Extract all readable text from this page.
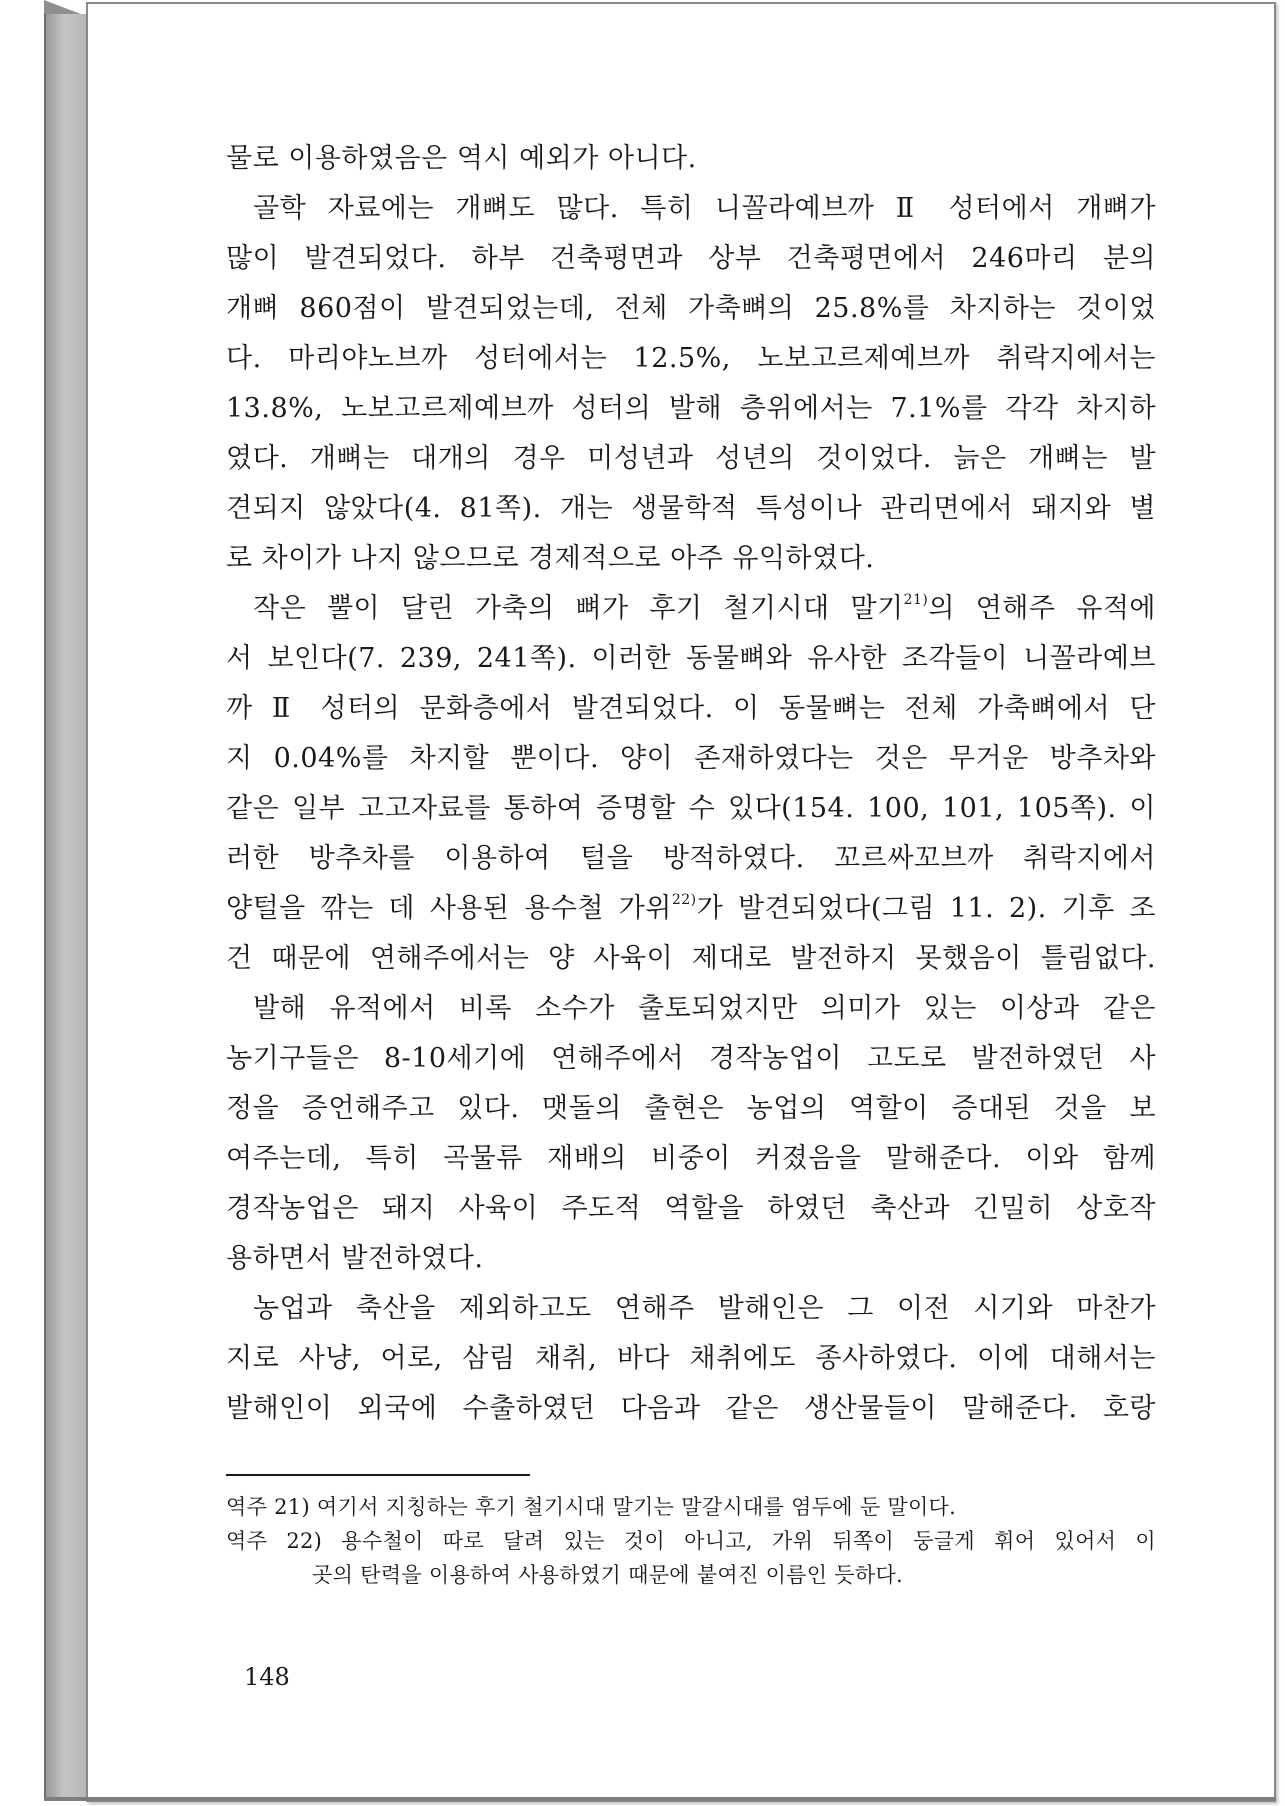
물로 이용하였음은 역시 예외가 아니다.
골학 자료에는 개뼈도 많다. 특히 니꼴라예브까 Ⅱ 성터에서 개뼈가
많이 발견되었다. 하부 건축평면과 상부 건축평면에서 246마리 분의
개뼈 860점이 발견되었는데, 전체 가축뼈의 25.8%를 차지하는 것이었
다. 마리야노브까 성터에서는 12.5%, 노보고르제예브까 취락지에서는
13.8%, 노보고르제예브까 성터의 발해 층위에서는 7.1%를 각각 차지하
였다. 개뼈는 대개의 경우 미성년과 성년의 것이었다. 늙은 개뼈는 발
견되지 않았다(4. 81쪽). 개는 생물학적 특성이나 관리면에서 돼지와 별
로 차이가 나지 않으므로 경제적으로 아주 유익하였다.
작은 뿔이 달린 가축의 뼈가 후기 철기시대 말기$^{21)}$의 연해주 유적에
서 보인다(7. 239, 241쪽). 이러한 동물뼈와 유사한 조각들이 니꼴라예브
까 Ⅱ 성터의 문화층에서 발견되었다. 이 동물뼈는 전체 가축뼈에서 단
지 0.04%를 차지할 뿐이다. 양이 존재하였다는 것은 무거운 방추차와
같은 일부 고고자료를 통하여 증명할 수 있다(154. 100, 101, 105쪽). 이
러한 방추차를 이용하여 털을 방적하였다. 꼬르싸꼬브까 취락지에서
양털을 깎는 데 사용된 용수철 가위$^{22)}$가 발견되었다(그림 11. 2). 기후 조
건 때문에 연해주에서는 양 사육이 제대로 발전하지 못했음이 틀림없다.
발해 유적에서 비록 소수가 출토되었지만 의미가 있는 이상과 같은
농기구들은 8-10세기에 연해주에서 경작농업이 고도로 발전하였던 사
정을 증언해주고 있다. 맷돌의 출현은 농업의 역할이 증대된 것을 보
여주는데, 특히 곡물류 재배의 비중이 커졌음을 말해준다. 이와 함께
경작농업은 돼지 사육이 주도적 역할을 하였던 축산과 긴밀히 상호작
용하면서 발전하였다.
농업과 축산을 제외하고도 연해주 발해인은 그 이전 시기와 마찬가
지로 사냥, 어로, 삼림 채취, 바다 채취에도 종사하였다. 이에 대해서는
발해인이 외국에 수출하였던 다음과 같은 생산물들이 말해준다. 호랑
역주 21) 여기서 지칭하는 후기 철기시대 말기는 말갈시대를 염두에 둔 말이다.
역주 22) 용수철이 따로 달려 있는 것이 아니고, 가위 뒤쪽이 둥글게 휘어 있어서 이
곳의 탄력을 이용하여 사용하였기 때문에 붙여진 이름인 듯하다.
148
